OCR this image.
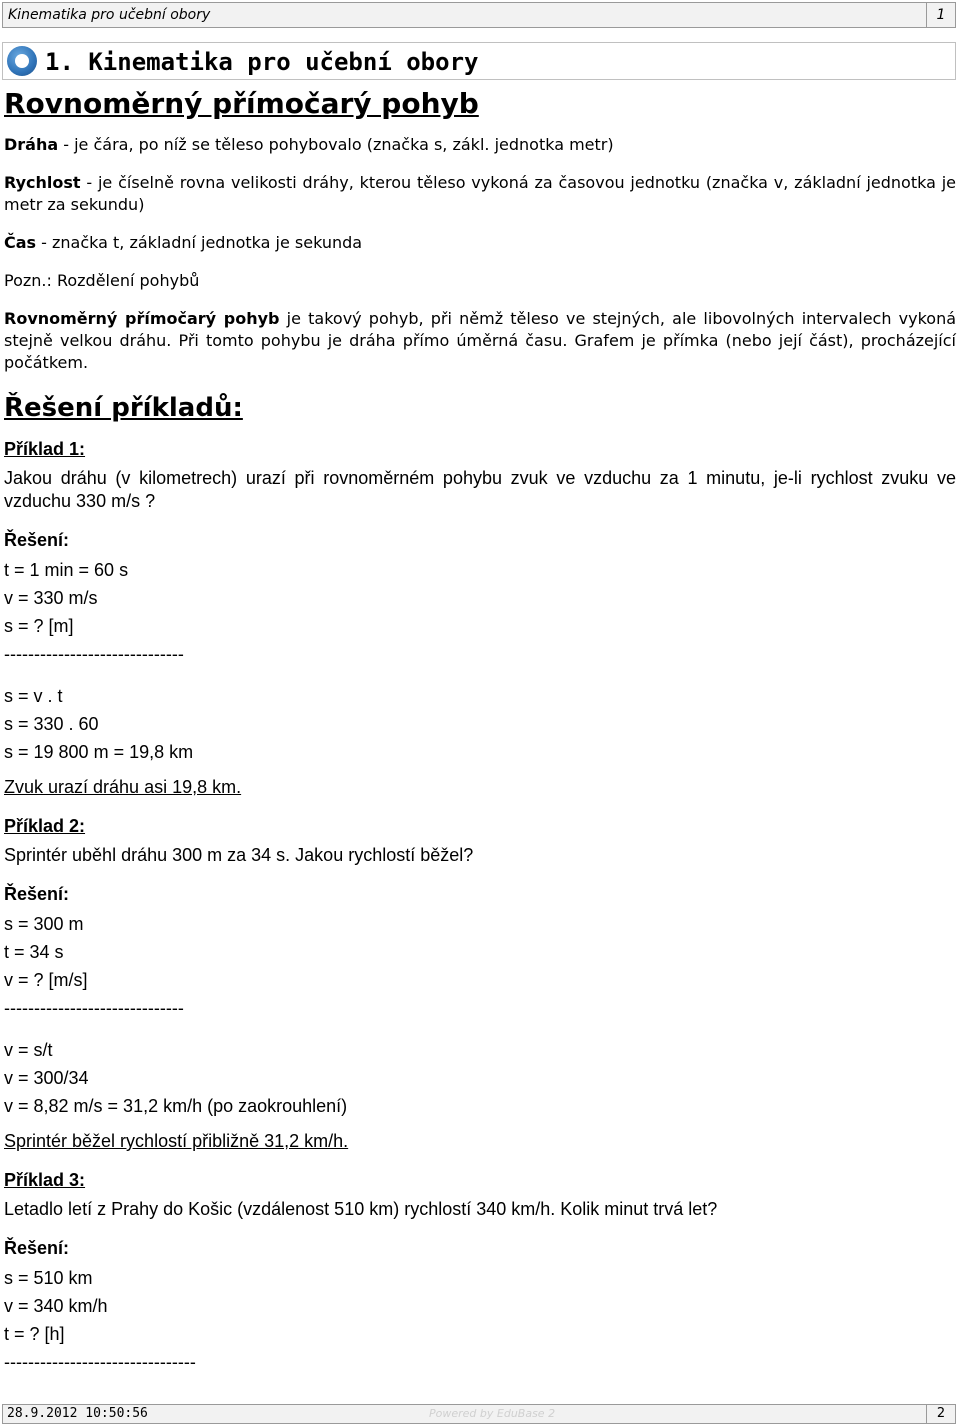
Kinematika pro učební obory	1
1. Kinematika pro učební obory
Rovnoměrný přímočarý pohyb
Dráha - je čára, po níž se těleso pohybovalo (značka s, zákl. jednotka metr)
Rychlost - je číselně rovna velikosti dráhy, kterou těleso vykoná za časovou jednotku (značka v, základní jednotka je metr za sekundu)
Čas - značka t, základní jednotka je sekunda
Pozn.: Rozdělení pohybů
Rovnoměrný přímočarý pohyb je takový pohyb, při němž těleso ve stejných, ale libovolných intervalech vykoná stejně velkou dráhu. Při tomto pohybu je dráha přímo úměrná času. Grafem je přímka (nebo její část), procházející počátkem.
Řešení příkladů:
Příklad 1:
Jakou dráhu (v kilometrech) urazí při rovnoměrném pohybu zvuk ve vzduchu za 1 minutu, je-li rychlost zvuku ve vzduchu 330 m/s ?
Řešení:
t = 1 min = 60 s
v = 330 m/s
s = ? [m]
------------------------------
s = v . t
s = 330 . 60
s = 19 800 m = 19,8 km
Zvuk urazí dráhu asi 19,8 km.
Příklad 2:
Sprintér uběhl dráhu 300 m za 34 s. Jakou rychlostí běžel?
Řešení:
s = 300 m
t = 34 s
v = ? [m/s]
------------------------------
v = s/t
v = 300/34
v = 8,82 m/s = 31,2 km/h (po zaokrouhlení)
Sprintér běžel rychlostí přibližně 31,2 km/h.
Příklad 3:
Letadlo letí z Prahy do Košic (vzdálenost 510 km) rychlostí 340 km/h. Kolik minut trvá let?
Řešení:
s = 510 km
v = 340 km/h
t = ? [h]
--------------------------------
28.9.2012 10:50:56	Powered by EduBase 2	2
